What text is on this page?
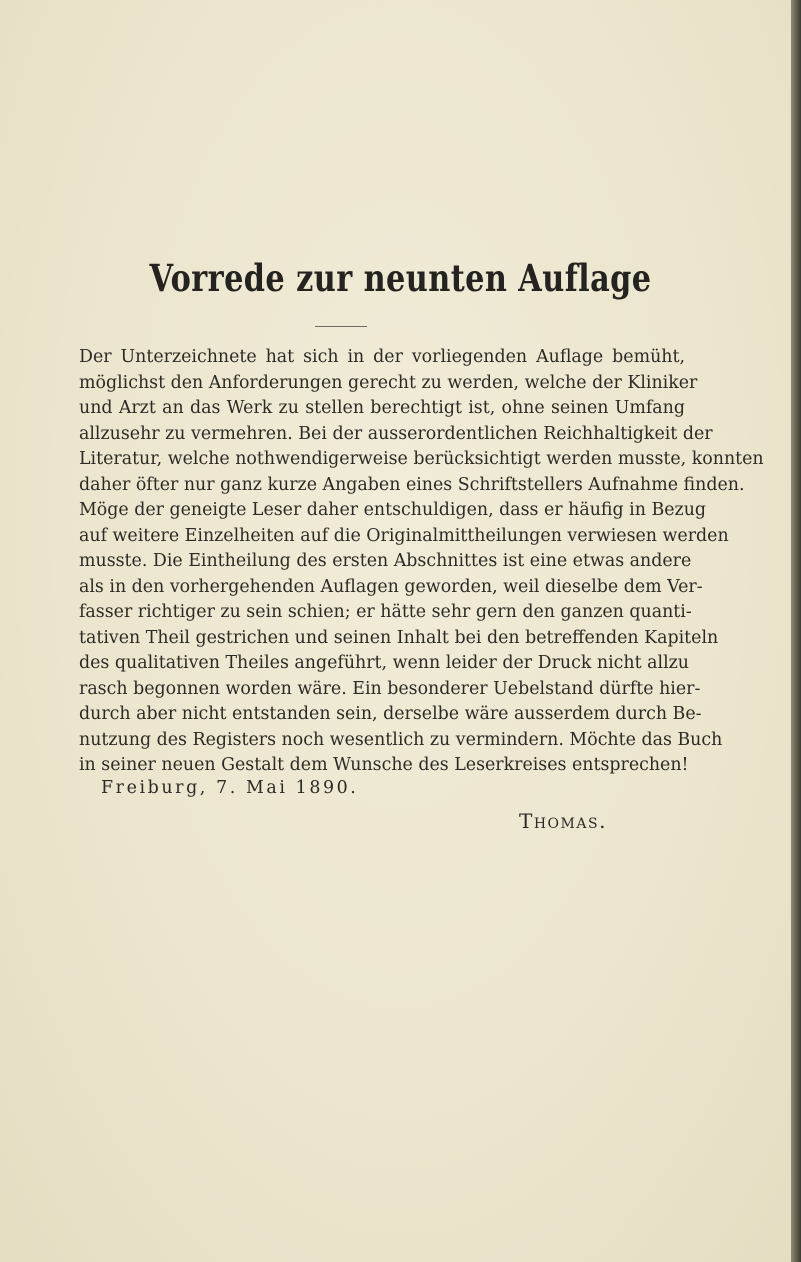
Vorrede zur neunten Auflage
Der Unterzeichnete hat sich in der vorliegenden Auflage bemüht,
möglichst den Anforderungen gerecht zu werden, welche der Kliniker
und Arzt an das Werk zu stellen berechtigt ist, ohne seinen Umfang
allzusehr zu vermehren. Bei der ausserordentlichen Reichhaltigkeit der
Literatur, welche nothwendigerweise berücksichtigt werden musste, konnten
daher öfter nur ganz kurze Angaben eines Schriftstellers Aufnahme finden.
Möge der geneigte Leser daher entschuldigen, dass er häufig in Bezug
auf weitere Einzelheiten auf die Originalmittheilungen verwiesen werden
musste. Die Eintheilung des ersten Abschnittes ist eine etwas andere
als in den vorhergehenden Auflagen geworden, weil dieselbe dem Ver-
fasser richtiger zu sein schien; er hätte sehr gern den ganzen quanti-
tativen Theil gestrichen und seinen Inhalt bei den betreffenden Kapiteln
des qualitativen Theiles angeführt, wenn leider der Druck nicht allzu
rasch begonnen worden wäre. Ein besonderer Uebelstand dürfte hier-
durch aber nicht entstanden sein, derselbe wäre ausserdem durch Be-
nutzung des Registers noch wesentlich zu vermindern. Möchte das Buch
in seiner neuen Gestalt dem Wunsche des Leserkreises entsprechen!
Freiburg, 7. Mai 1890.
Thomas.
